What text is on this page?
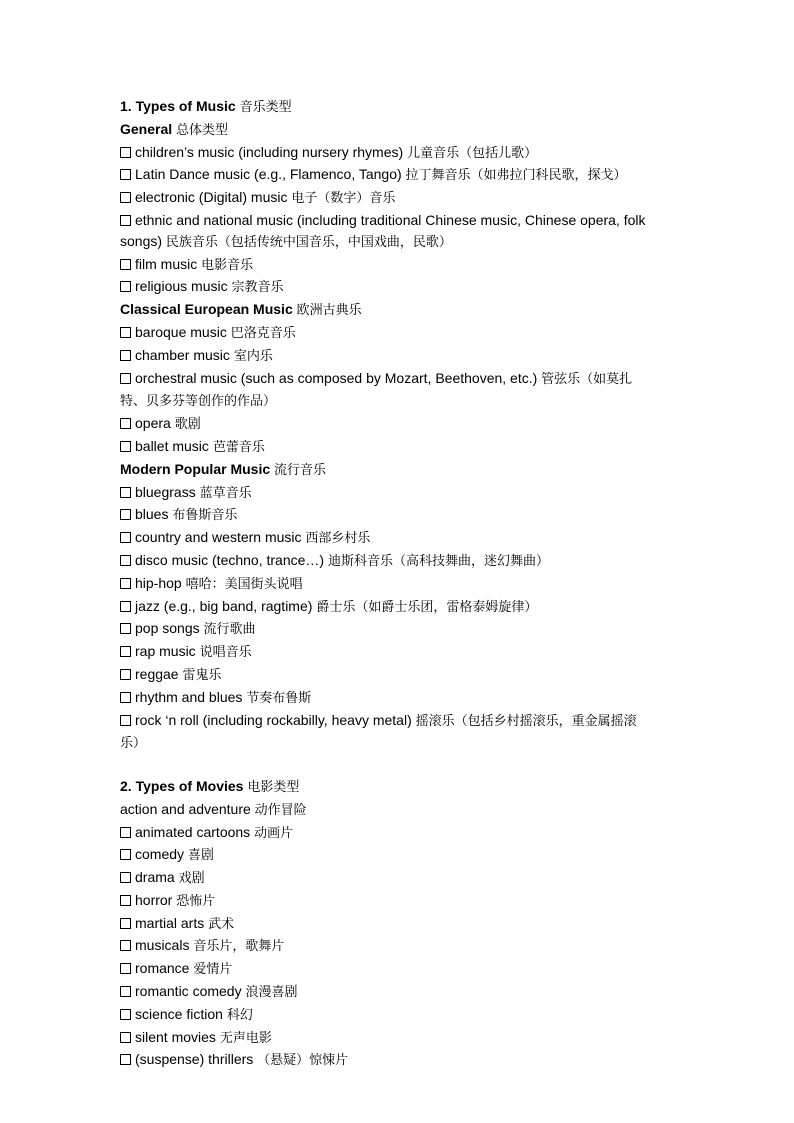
1. Types of Music 音乐类型

General 总体类型

children’s music (including nursery rhymes) 儿童音乐（包括儿歌）

Latin Dance music (e.g., Flamenco, Tango) 拉丁舞音乐（如弗拉门科民歌，探戈）

electronic (Digital) music 电子（数字）音乐

ethnic and national music (including traditional Chinese music, Chinese opera, folk songs) 民族音乐（包括传统中国音乐，中国戏曲，民歌）

film music 电影音乐

religious music 宗教音乐

Classical European Music 欧洲古典乐

baroque music 巴洛克音乐

chamber music 室内乐

orchestral music (such as composed by Mozart, Beethoven, etc.) 管弦乐（如莫扎特、贝多芬等创作的作品）

opera 歌剧

ballet music 芭蕾音乐

Modern Popular Music 流行音乐

bluegrass 蓝草音乐

blues 布鲁斯音乐

country and western music 西部乡村乐

disco music (techno, trance…) 迪斯科音乐（高科技舞曲，迷幻舞曲）

hip-hop 嘻哈：美国街头说唱

jazz (e.g., big band, ragtime) 爵士乐（如爵士乐团，雷格泰姆旋律）

pop songs 流行歌曲

rap music 说唱音乐

reggae 雷鬼乐

rhythm and blues 节奏布鲁斯

rock ‘n roll (including rockabilly, heavy metal) 摇滚乐（包括乡村摇滚乐，重金属摇滚乐）

2. Types of Movies 电影类型

action and adventure 动作冒险

animated cartoons 动画片

comedy 喜剧

drama 戏剧

horror 恐怖片

martial arts 武术

musicals 音乐片，歌舞片

romance 爱情片

romantic comedy 浪漫喜剧

science fiction 科幻

silent movies 无声电影

(suspense) thrillers （悬疑）惊悚片
